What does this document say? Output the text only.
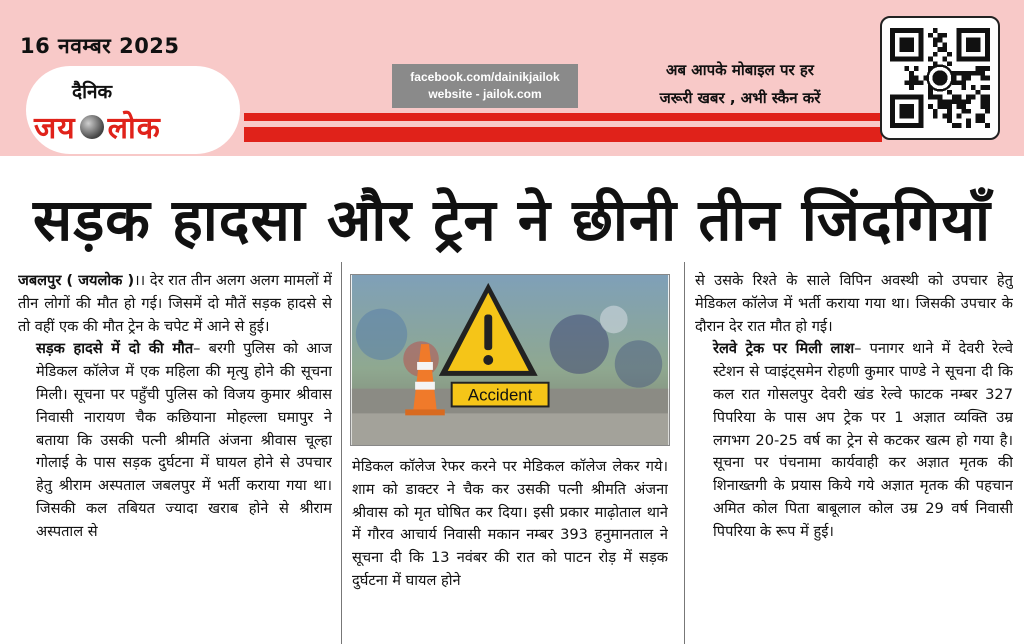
16 नवम्बर 2025
दैनिक
जय लोक
facebook.com/dainikjailok
website - jailok.com
अब आपके मोबाइल पर हर
जरूरी खबर , अभी स्कैन करें
सड़क हादसा और ट्रेन ने छीनी तीन जिंदगियाँ

जबलपुर ( जयलोक )।। देर रात तीन अलग अलग मामलों में तीन लोगों की मौत हो गई। जिसमें दो मौतें सड़क हादसे से तो वहीं एक की मौत ट्रेन के चपेट में आने से हुई।

सड़क हादसे में दो की मौत– बरगी पुलिस को आज मेडिकल कॉलेज में एक महिला की मृत्यु होने की सूचना मिली। सूचना पर पहुँची पुलिस को विजय कुमार श्रीवास निवासी नारायण चैक कछियाना मोहल्ला घमापुर ने बताया कि उसकी पत्नी श्रीमति अंजना श्रीवास चूल्हा गोलाई के पास सड़क दुर्घटना में घायल होने से उपचार हेतु श्रीराम अस्पताल जबलपुर में भर्ती कराया गया था। जिसकी कल तबियत ज्यादा खराब होने से श्रीराम अस्पताल से

Accident

मेडिकल कॉलेज रेफर करने पर मेडिकल कॉलेज लेकर गये। शाम को डाक्टर ने चैक कर उसकी पत्नी श्रीमति अंजना श्रीवास को मृत घोषित कर दिया। इसी प्रकार माढ़ोताल थाने में गौरव आचार्य निवासी मकान नम्बर 393 हनुमानताल ने सूचना दी कि 13 नवंबर की रात को पाटन रोड़ में सड़क दुर्घटना में घायल होने

से उसके रिश्ते के साले विपिन अवस्थी को उपचार हेतु मेडिकल कॉलेज में भर्ती कराया गया था। जिसकी उपचार के दौरान देर रात मौत हो गई।

रेलवे ट्रेक पर मिली लाश– पनागर थाने में देवरी रेल्वे स्टेशन से प्वाइंट्समेन रोहणी कुमार पाण्डे ने सूचना दी कि कल रात गोसलपुर देवरी खंड रेल्वे फाटक नम्बर 327 पिपरिया के पास अप ट्रेक पर 1 अज्ञात व्यक्ति उम्र लगभग 20-25 वर्ष का ट्रेन से कटकर खत्म हो गया है। सूचना पर पंचनामा कार्यवाही कर अज्ञात मृतक की शिनाख्तगी के प्रयास किये गये अज्ञात मृतक की पहचान अमित कोल पिता बाबूलाल कोल उम्र 29 वर्ष निवासी पिपरिया के रूप में हुई।
